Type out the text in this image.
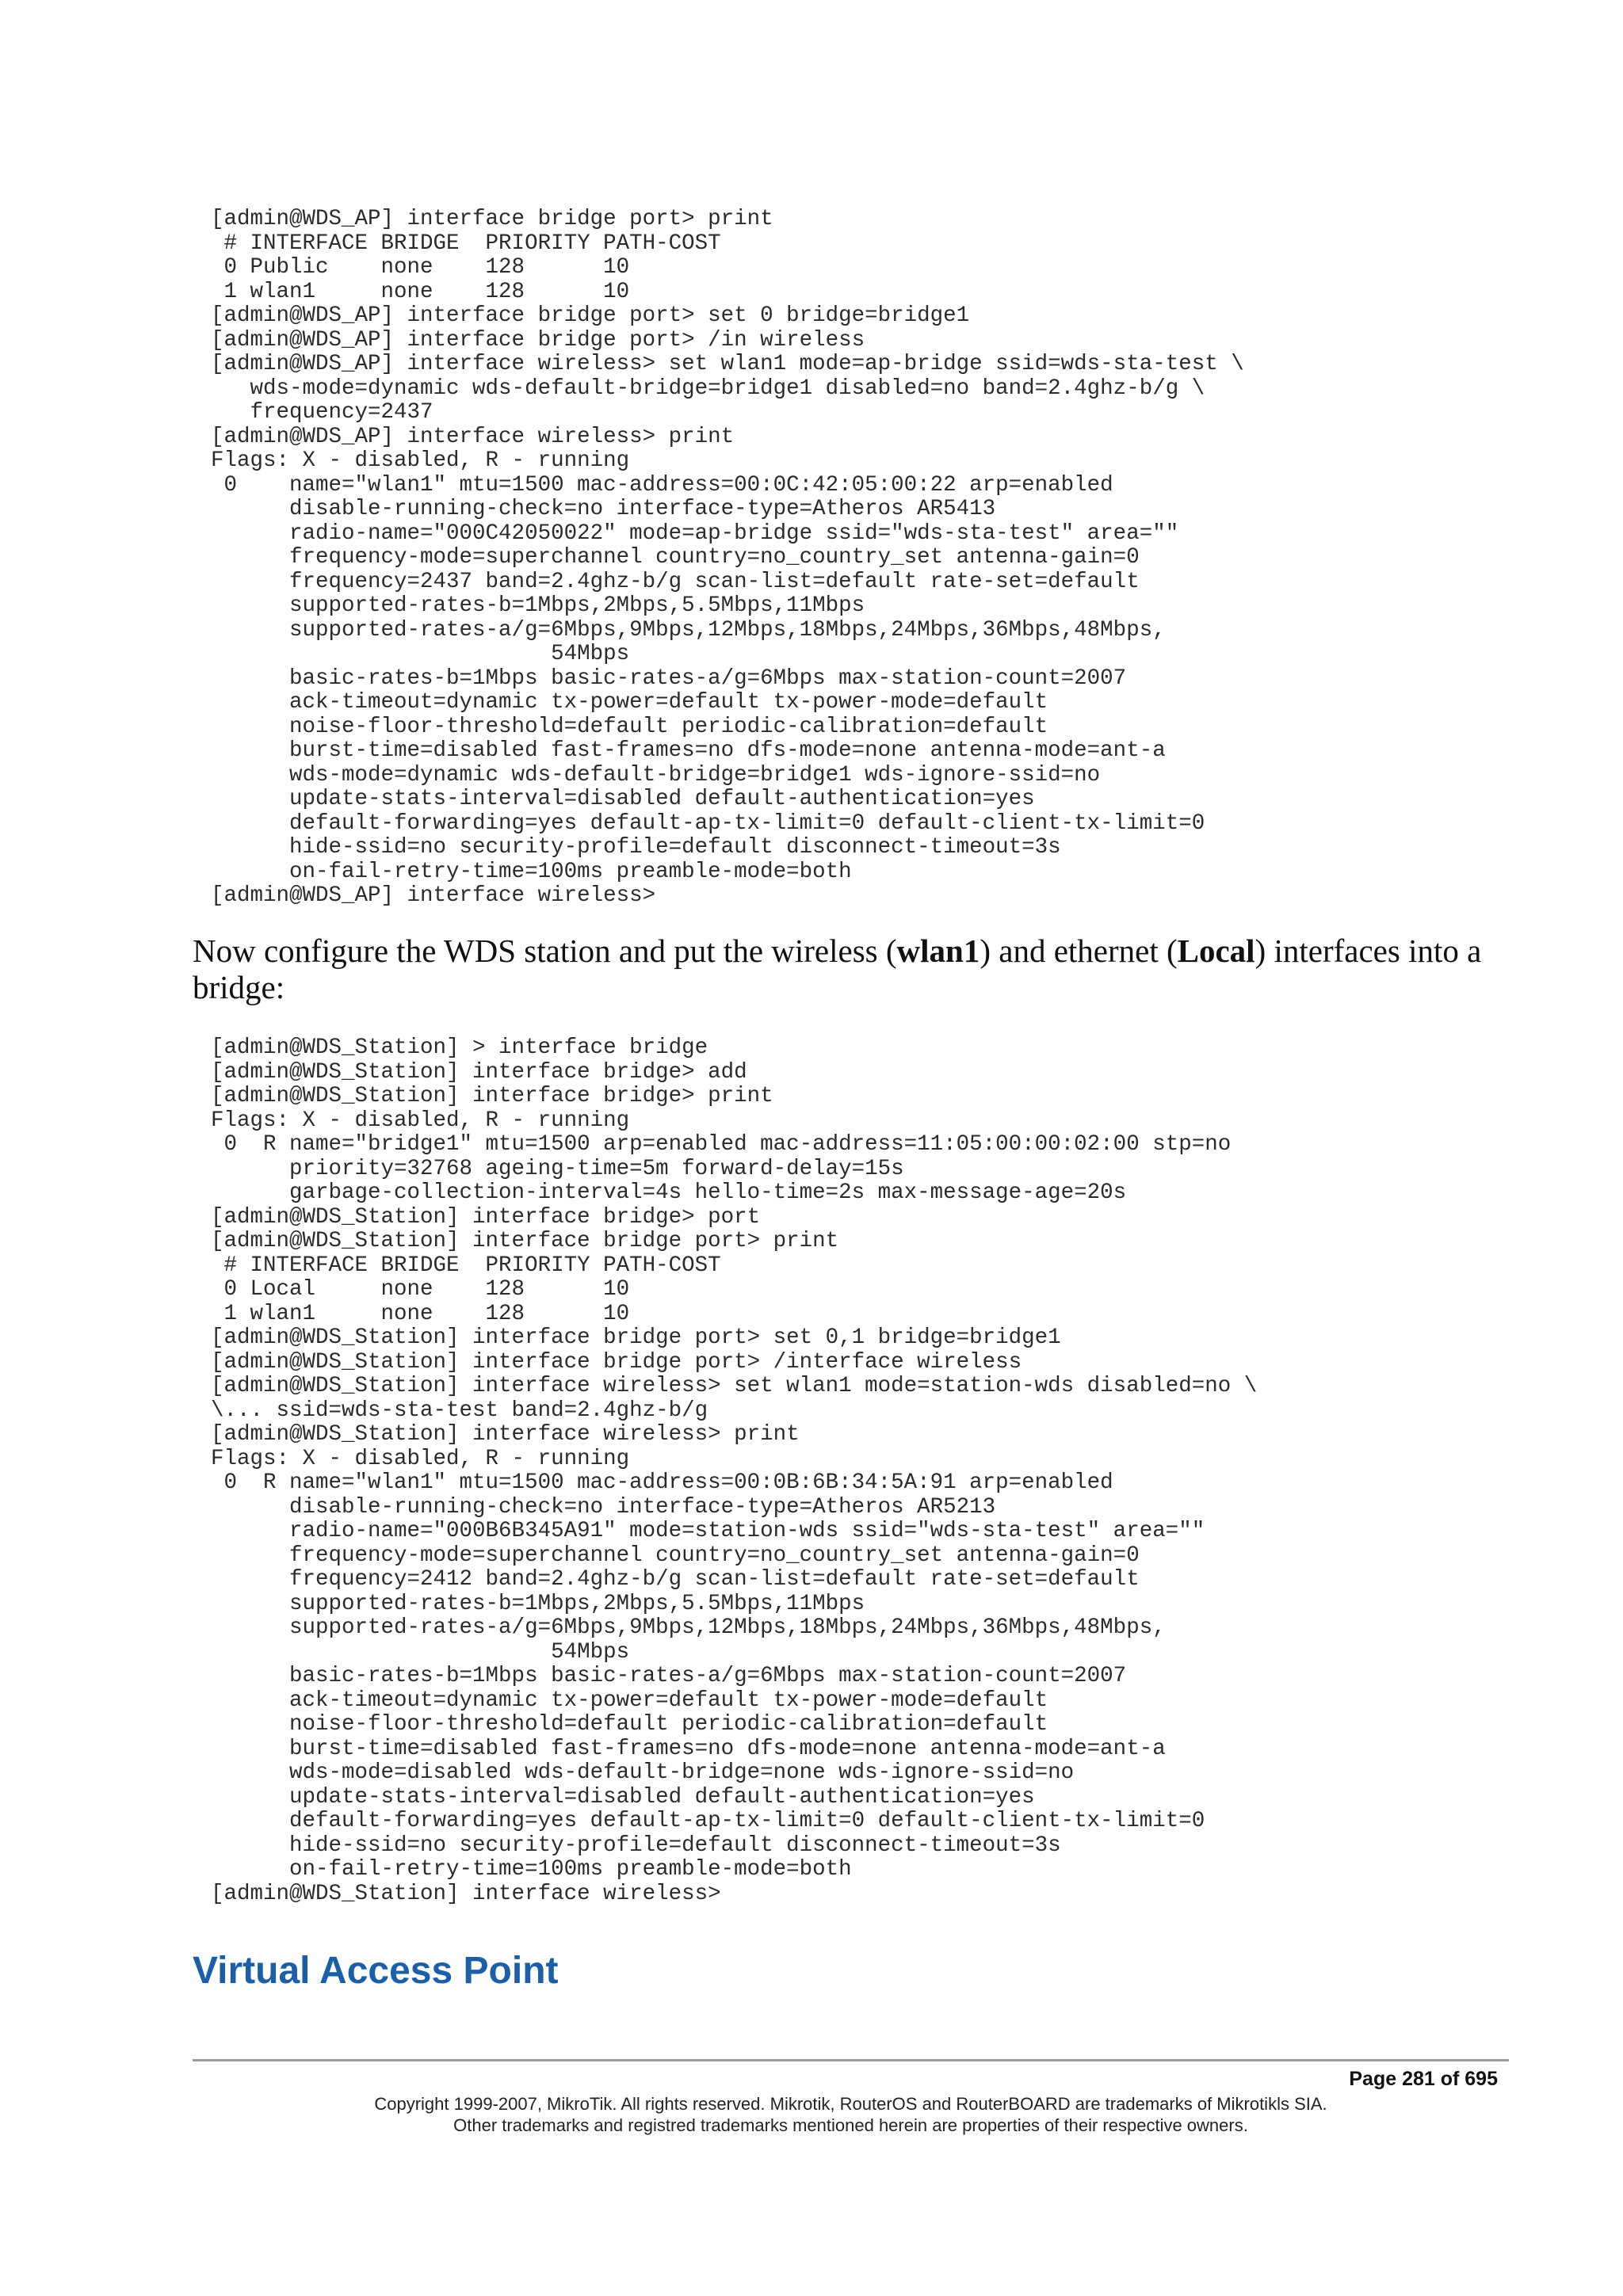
[admin@WDS_AP] interface bridge port> print
# INTERFACE BRIDGE  PRIORITY PATH-COST
0 Public    none    128      10
1 wlan1     none    128      10
[admin@WDS_AP] interface bridge port> set 0 bridge=bridge1
[admin@WDS_AP] interface bridge port> /in wireless
[admin@WDS_AP] interface wireless> set wlan1 mode=ap-bridge ssid=wds-sta-test \
wds-mode=dynamic wds-default-bridge=bridge1 disabled=no band=2.4ghz-b/g \
frequency=2437
[admin@WDS_AP] interface wireless> print
Flags: X - disabled, R - running
0    name="wlan1" mtu=1500 mac-address=00:0C:42:05:00:22 arp=enabled
disable-running-check=no interface-type=Atheros AR5413
radio-name="000C42050022" mode=ap-bridge ssid="wds-sta-test" area=""
frequency-mode=superchannel country=no_country_set antenna-gain=0
frequency=2437 band=2.4ghz-b/g scan-list=default rate-set=default
supported-rates-b=1Mbps,2Mbps,5.5Mbps,11Mbps
supported-rates-a/g=6Mbps,9Mbps,12Mbps,18Mbps,24Mbps,36Mbps,48Mbps,
54Mbps
basic-rates-b=1Mbps basic-rates-a/g=6Mbps max-station-count=2007
ack-timeout=dynamic tx-power=default tx-power-mode=default
noise-floor-threshold=default periodic-calibration=default
burst-time=disabled fast-frames=no dfs-mode=none antenna-mode=ant-a
wds-mode=dynamic wds-default-bridge=bridge1 wds-ignore-ssid=no
update-stats-interval=disabled default-authentication=yes
default-forwarding=yes default-ap-tx-limit=0 default-client-tx-limit=0
hide-ssid=no security-profile=default disconnect-timeout=3s
on-fail-retry-time=100ms preamble-mode=both
[admin@WDS_AP] interface wireless>

Now configure the WDS station and put the wireless (wlan1) and ethernet (Local) interfaces into a bridge:

[admin@WDS_Station] > interface bridge
[admin@WDS_Station] interface bridge> add
[admin@WDS_Station] interface bridge> print
Flags: X - disabled, R - running
0  R name="bridge1" mtu=1500 arp=enabled mac-address=11:05:00:00:02:00 stp=no
priority=32768 ageing-time=5m forward-delay=15s
garbage-collection-interval=4s hello-time=2s max-message-age=20s
[admin@WDS_Station] interface bridge> port
[admin@WDS_Station] interface bridge port> print
# INTERFACE BRIDGE  PRIORITY PATH-COST
0 Local     none    128      10
1 wlan1     none    128      10
[admin@WDS_Station] interface bridge port> set 0,1 bridge=bridge1
[admin@WDS_Station] interface bridge port> /interface wireless
[admin@WDS_Station] interface wireless> set wlan1 mode=station-wds disabled=no \
\... ssid=wds-sta-test band=2.4ghz-b/g
[admin@WDS_Station] interface wireless> print
Flags: X - disabled, R - running
0  R name="wlan1" mtu=1500 mac-address=00:0B:6B:34:5A:91 arp=enabled
disable-running-check=no interface-type=Atheros AR5213
radio-name="000B6B345A91" mode=station-wds ssid="wds-sta-test" area=""
frequency-mode=superchannel country=no_country_set antenna-gain=0
frequency=2412 band=2.4ghz-b/g scan-list=default rate-set=default
supported-rates-b=1Mbps,2Mbps,5.5Mbps,11Mbps
supported-rates-a/g=6Mbps,9Mbps,12Mbps,18Mbps,24Mbps,36Mbps,48Mbps,
54Mbps
basic-rates-b=1Mbps basic-rates-a/g=6Mbps max-station-count=2007
ack-timeout=dynamic tx-power=default tx-power-mode=default
noise-floor-threshold=default periodic-calibration=default
burst-time=disabled fast-frames=no dfs-mode=none antenna-mode=ant-a
wds-mode=disabled wds-default-bridge=none wds-ignore-ssid=no
update-stats-interval=disabled default-authentication=yes
default-forwarding=yes default-ap-tx-limit=0 default-client-tx-limit=0
hide-ssid=no security-profile=default disconnect-timeout=3s
on-fail-retry-time=100ms preamble-mode=both
[admin@WDS_Station] interface wireless>
Virtual Access Point
Page 281 of 695
Copyright 1999-2007, MikroTik. All rights reserved. Mikrotik, RouterOS and RouterBOARD are trademarks of Mikrotikls SIA.
Other trademarks and registred trademarks mentioned herein are properties of their respective owners.
